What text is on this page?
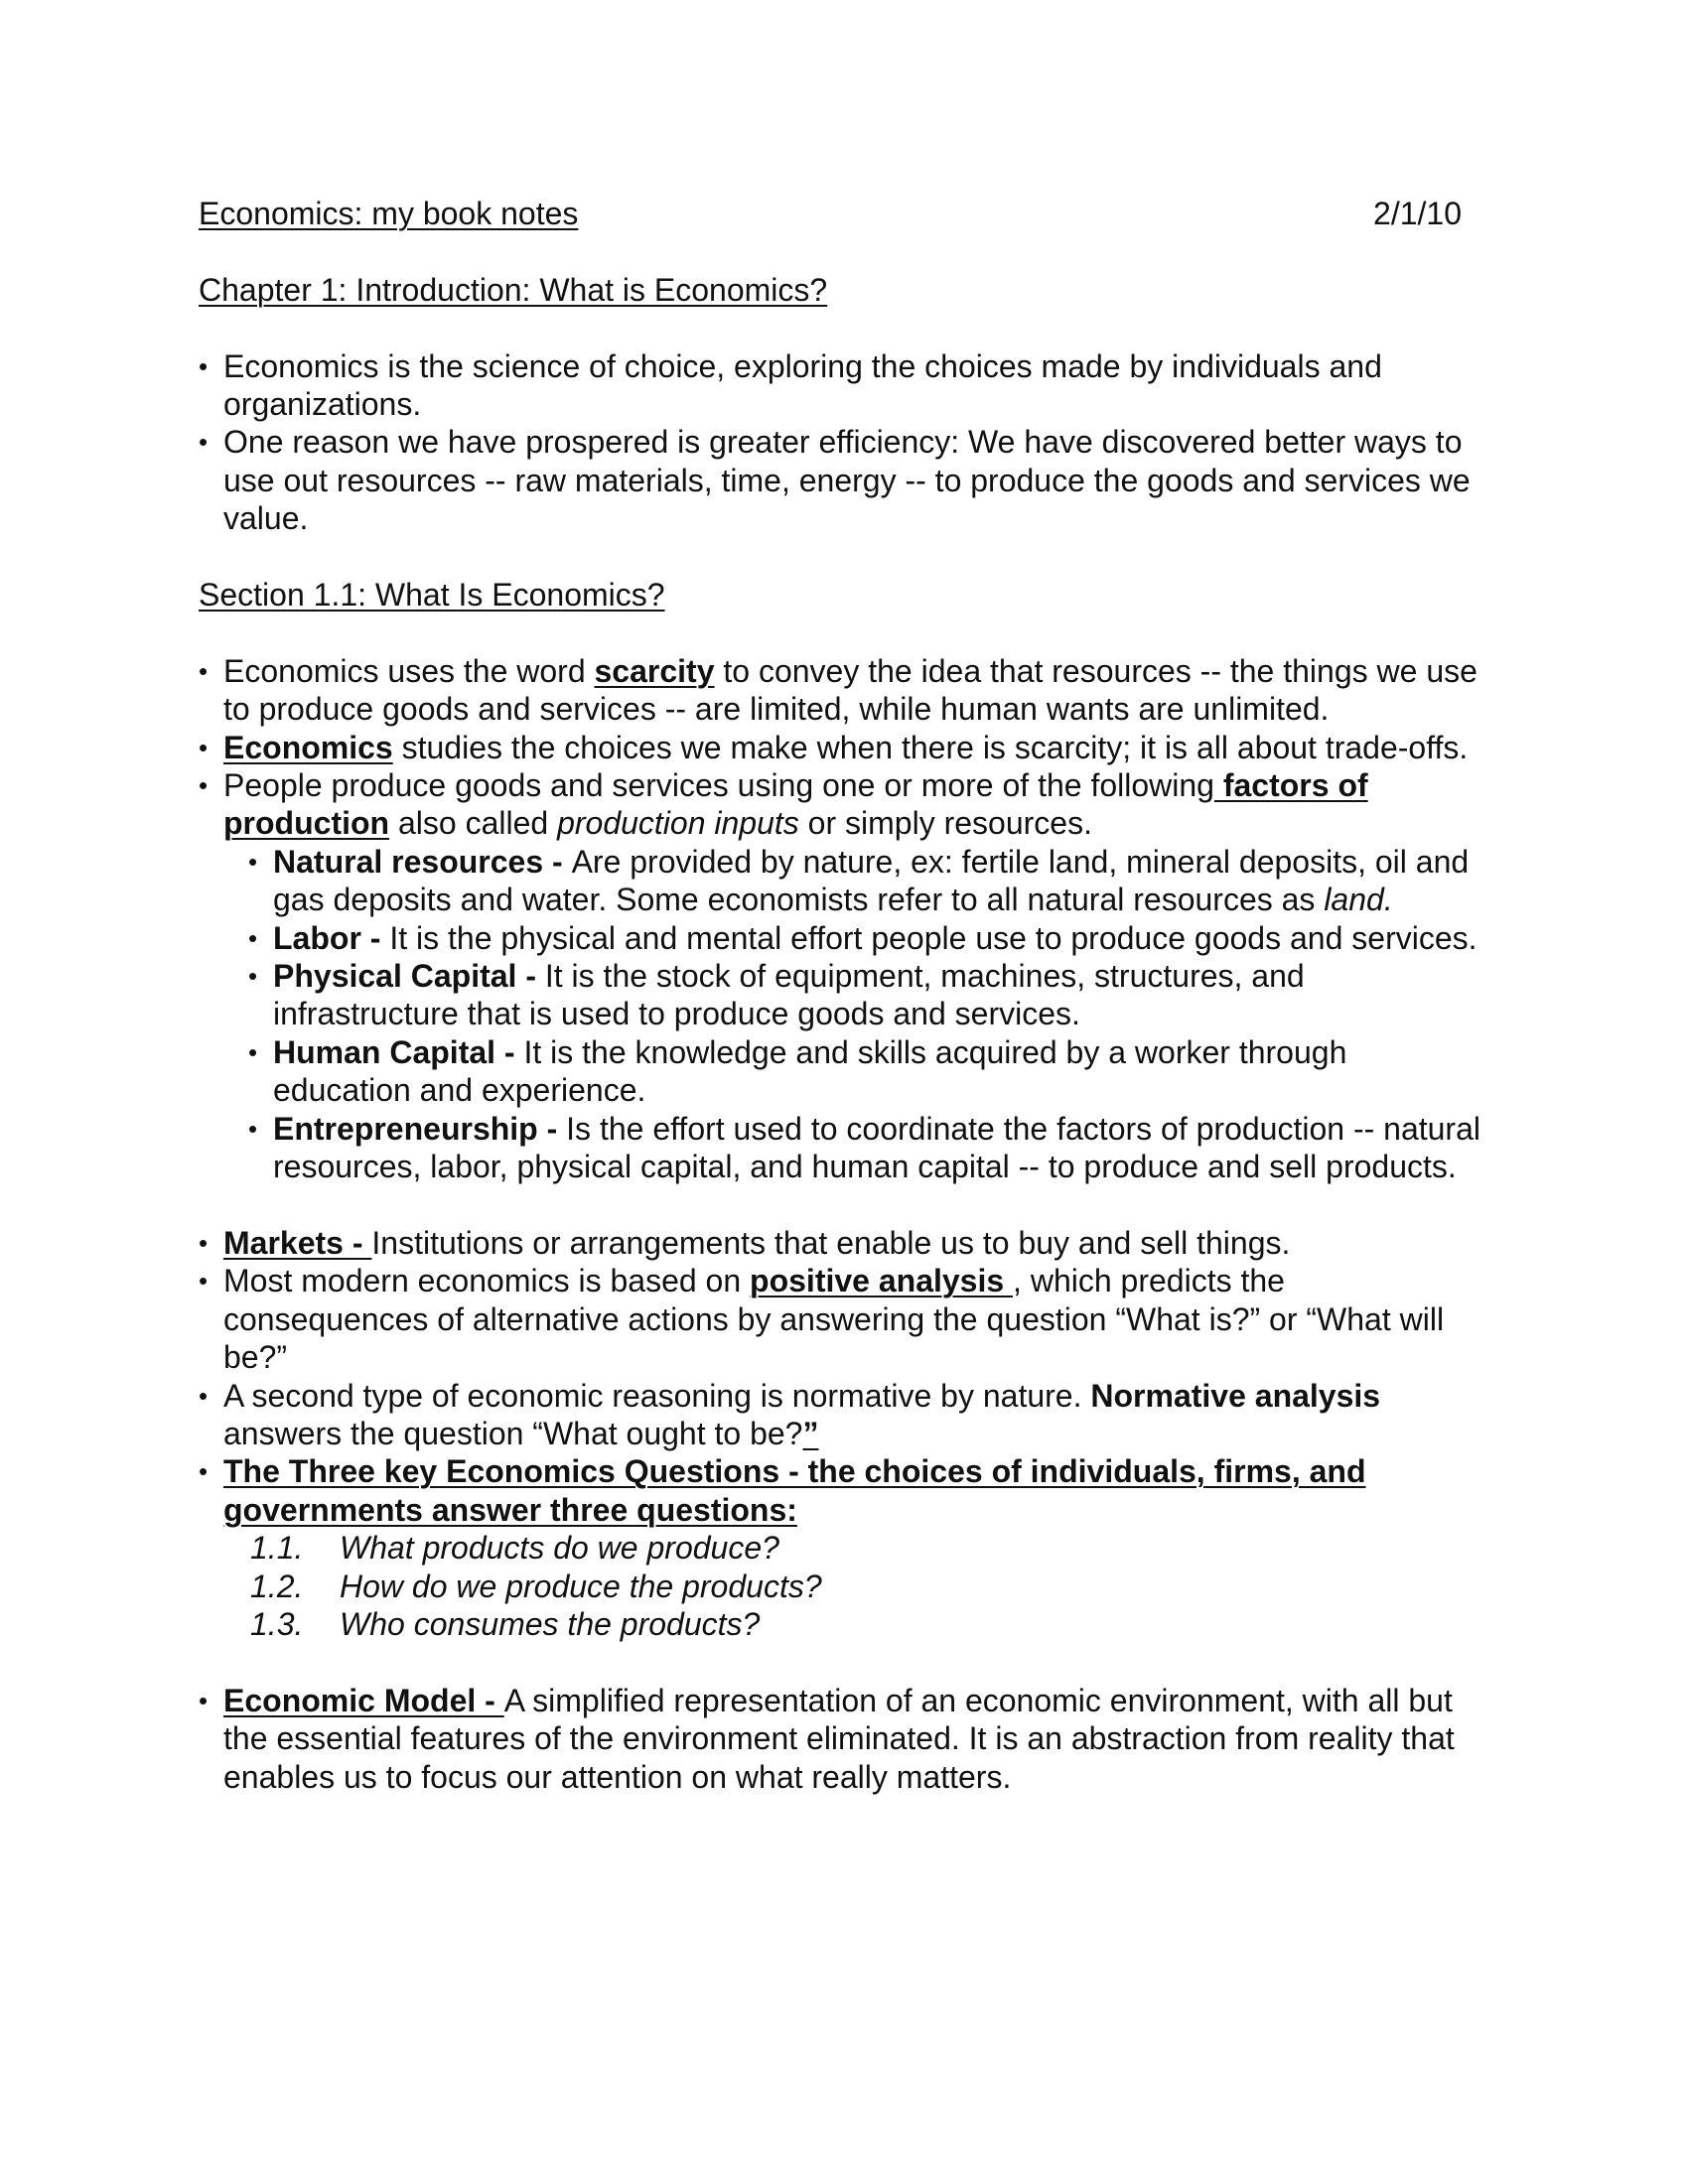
Economics: my book notes	2/1/10
Chapter 1: Introduction: What is Economics?
• Economics is the science of choice, exploring the choices made by individuals and organizations.
• One reason we have prospered is greater efficiency: We have discovered better ways to use out resources -- raw materials, time, energy -- to produce the goods and services we value.
Section 1.1: What Is Economics?
• Economics uses the word scarcity to convey the idea that resources -- the things we use to produce goods and services -- are limited, while human wants are unlimited.
• Economics studies the choices we make when there is scarcity; it is all about trade-offs.
• People produce goods and services using one or more of the following factors of production also called production inputs or simply resources.
• Natural resources - Are provided by nature, ex: fertile land, mineral deposits, oil and gas deposits and water. Some economists refer to all natural resources as land.
• Labor - It is the physical and mental effort people use to produce goods and services.
• Physical Capital - It is the stock of equipment, machines, structures, and infrastructure that is used to produce goods and services.
• Human Capital - It is the knowledge and skills acquired by a worker through education and experience.
• Entrepreneurship - Is the effort used to coordinate the factors of production -- natural resources, labor, physical capital, and human capital -- to produce and sell products.
• Markets - Institutions or arrangements that enable us to buy and sell things.
• Most modern economics is based on positive analysis , which predicts the consequences of alternative actions by answering the question “What is?” or “What will be?”
• A second type of economic reasoning is normative by nature. Normative analysis answers the question “What ought to be?”
• The Three key Economics Questions - the choices of individuals, firms, and governments answer three questions:
1.1.	What products do we produce?
1.2.	How do we produce the products?
1.3.	Who consumes the products?
• Economic Model - A simplified representation of an economic environment, with all but the essential features of the environment eliminated. It is an abstraction from reality that enables us to focus our attention on what really matters.
